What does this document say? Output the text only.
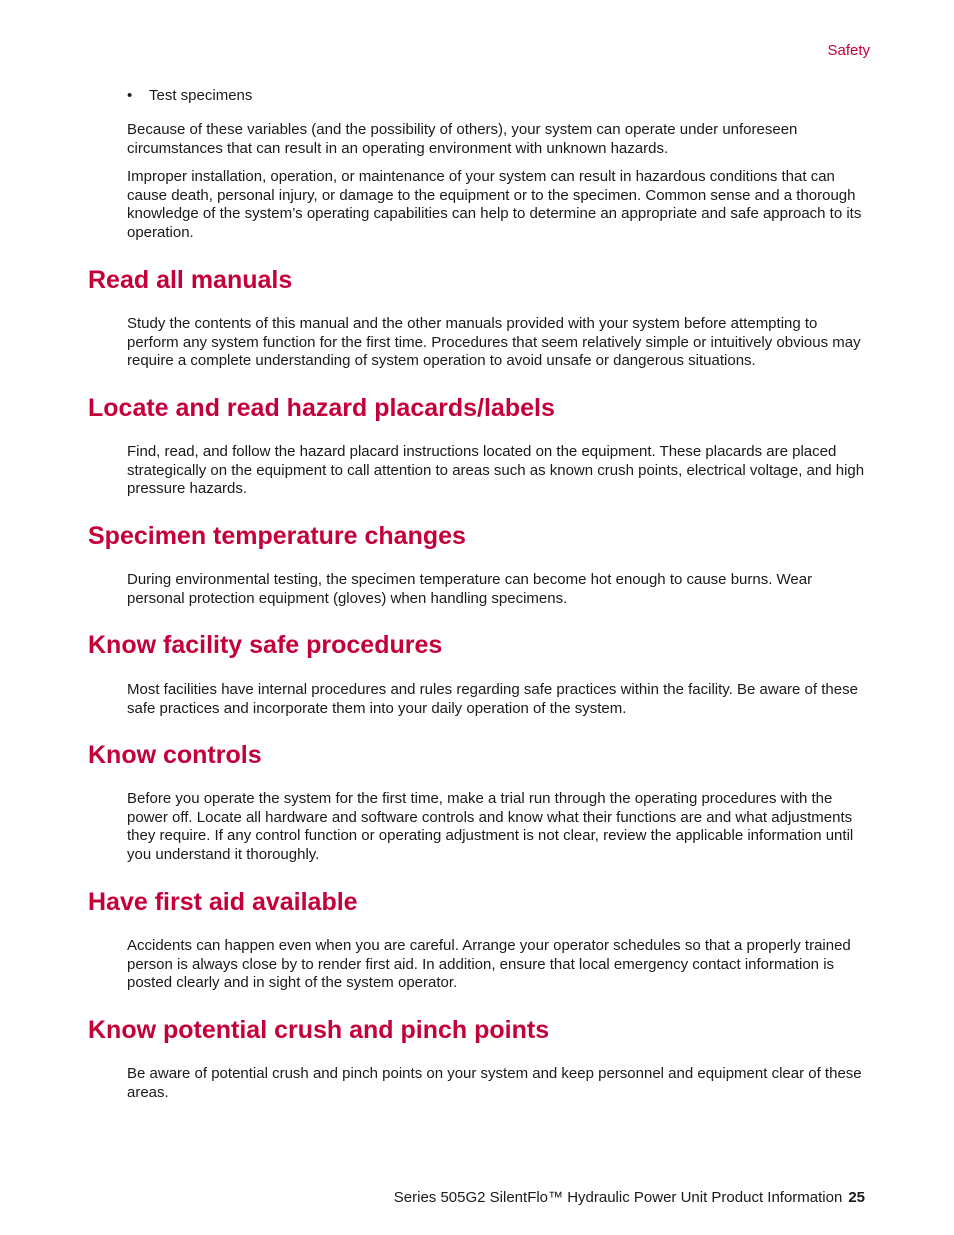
Safety
• Test specimens

Because of these variables (and the possibility of others), your system can operate under unforeseen circumstances that can result in an operating environment with unknown hazards.

Improper installation, operation, or maintenance of your system can result in hazardous conditions that can cause death, personal injury, or damage to the equipment or to the specimen. Common sense and a thorough knowledge of the system’s operating capabilities can help to determine an appropriate and safe approach to its operation.

Read all manuals

Study the contents of this manual and the other manuals provided with your system before attempting to perform any system function for the first time. Procedures that seem relatively simple or intuitively obvious may require a complete understanding of system operation to avoid unsafe or dangerous situations.

Locate and read hazard placards/labels

Find, read, and follow the hazard placard instructions located on the equipment. These placards are placed strategically on the equipment to call attention to areas such as known crush points, electrical voltage, and high pressure hazards.

Specimen temperature changes

During environmental testing, the specimen temperature can become hot enough to cause burns. Wear personal protection equipment (gloves) when handling specimens.

Know facility safe procedures

Most facilities have internal procedures and rules regarding safe practices within the facility. Be aware of these safe practices and incorporate them into your daily operation of the system.

Know controls

Before you operate the system for the first time, make a trial run through the operating procedures with the power off. Locate all hardware and software controls and know what their functions are and what adjustments they require. If any control function or operating adjustment is not clear, review the applicable information until you understand it thoroughly.

Have first aid available

Accidents can happen even when you are careful. Arrange your operator schedules so that a properly trained person is always close by to render first aid. In addition, ensure that local emergency contact information is posted clearly and in sight of the system operator.

Know potential crush and pinch points

Be aware of potential crush and pinch points on your system and keep personnel and equipment clear of these areas.

Series 505G2 SilentFlo™ Hydraulic Power Unit Product Information 25
